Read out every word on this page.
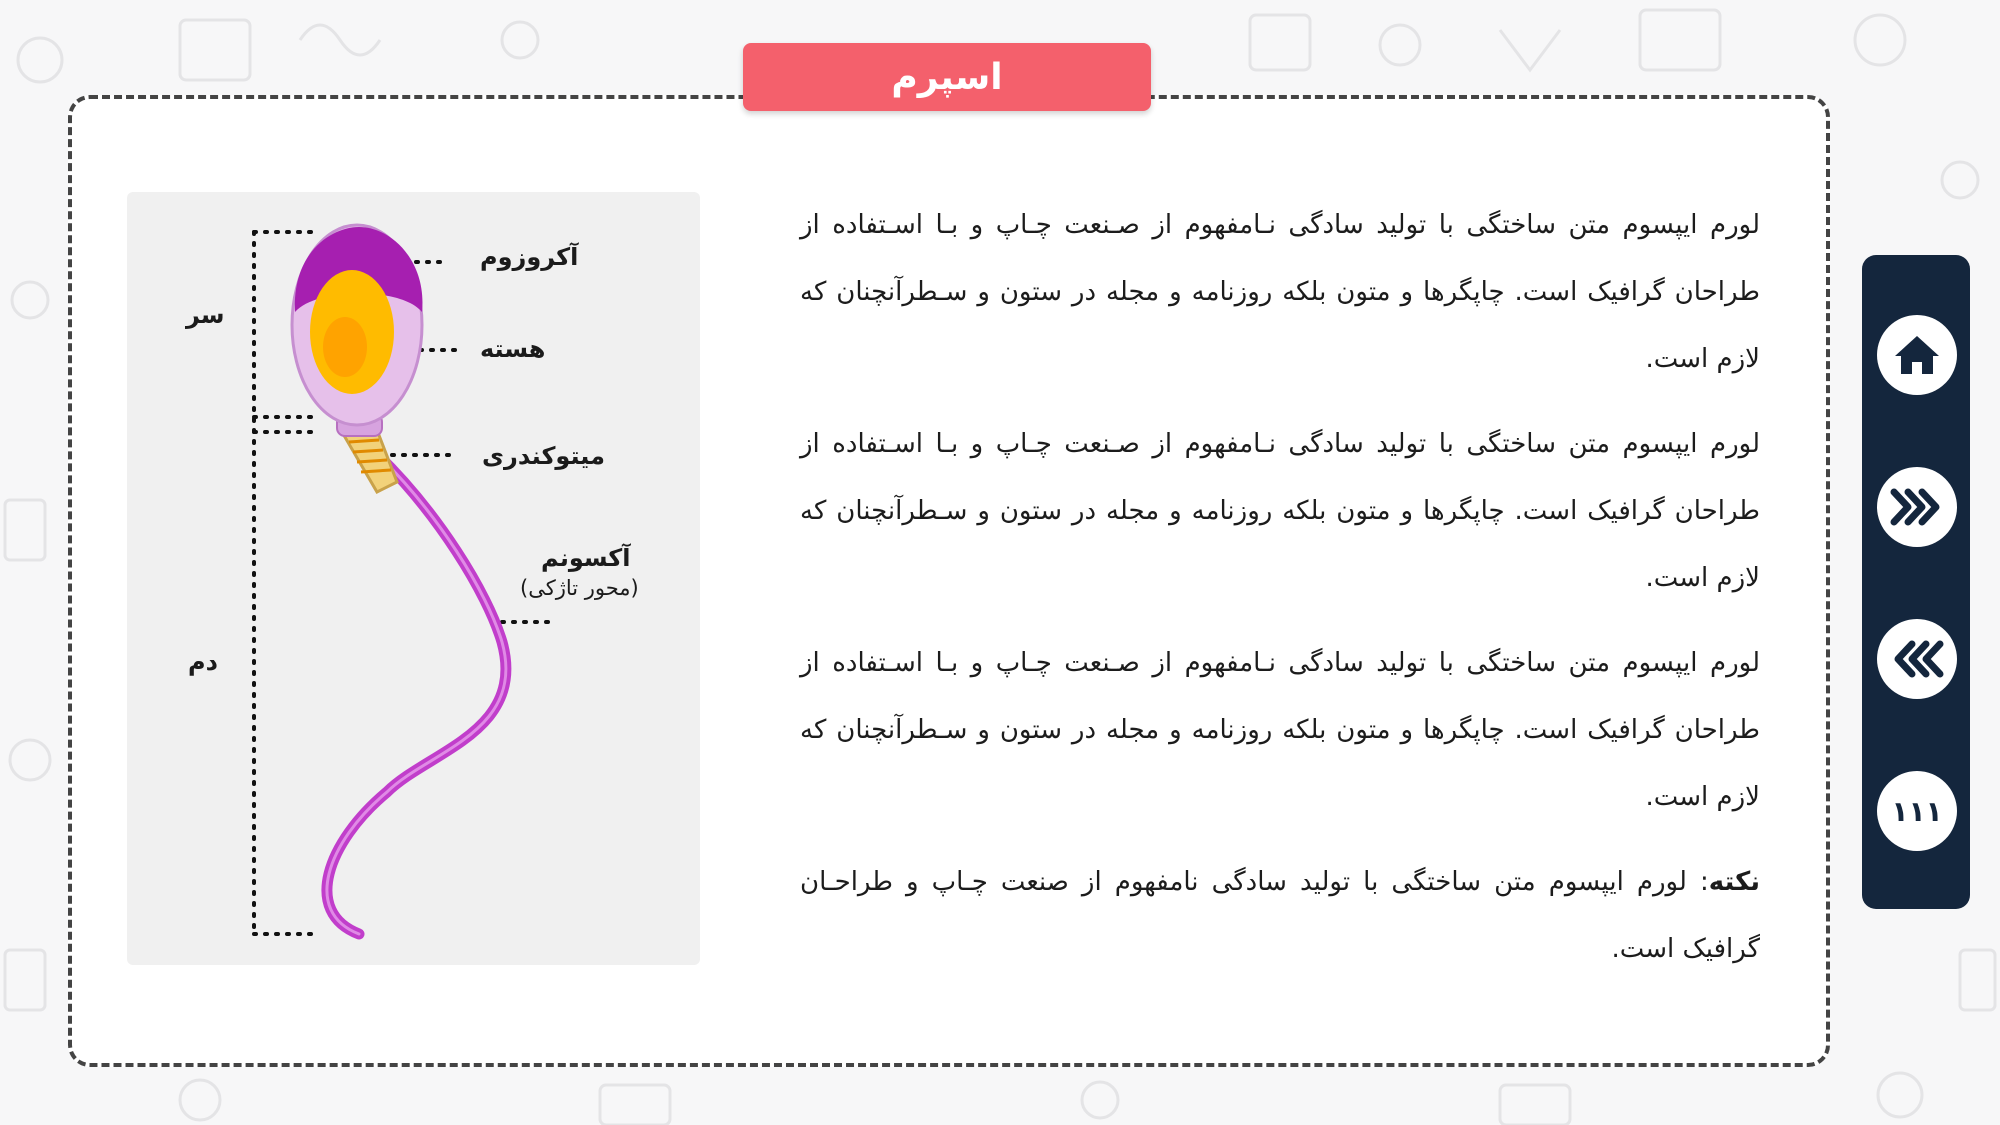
اسپرم
آکروزوم
هسته
میتوکندری
آکسونم
(محور تاژکی)
سر
دم

لورم ایپسوم متن ساختگی با تولید سادگی نـامفهوم از صـنعت چـاپ و بـا اسـتفاده از طراحان گرافیک است. چاپگرها و متون بلکه روزنامه و مجله در ستون و سـطرآنچنان که لازم است.

لورم ایپسوم متن ساختگی با تولید سادگی نـامفهوم از صـنعت چـاپ و بـا اسـتفاده از طراحان گرافیک است. چاپگرها و متون بلکه روزنامه و مجله در ستون و سـطرآنچنان که لازم است.

لورم ایپسوم متن ساختگی با تولید سادگی نـامفهوم از صـنعت چـاپ و بـا اسـتفاده از طراحان گرافیک است. چاپگرها و متون بلکه روزنامه و مجله در ستون و سـطرآنچنان که لازم است.

نکته: لورم ایپسوم متن ساختگی با تولید سادگی نامفهوم از صنعت چـاپ و طراحـان گرافیک است.

۱۱۱
